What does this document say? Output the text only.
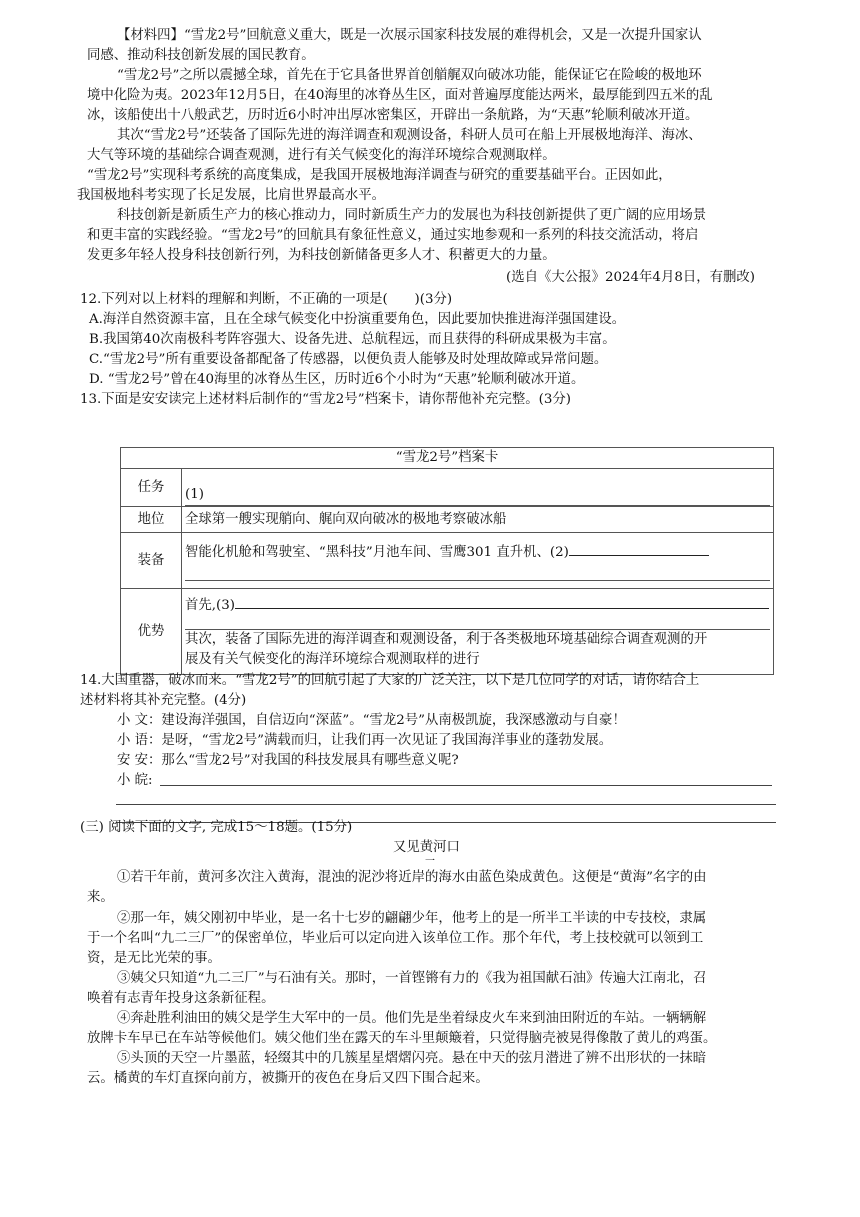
【材料四】“雪龙2号”回航意义重大，既是一次展示国家科技发展的难得机会，又是一次提升国家认
同感、推动科技创新发展的国民教育。
“雪龙2号”之所以震撼全球，首先在于它具备世界首创艏艉双向破冰功能，能保证它在险峻的极地环
境中化险为夷。2023年12月5日，在40海里的冰脊丛生区，面对普遍厚度能达两米，最厚能到四五米的乱
冰，该船使出十八般武艺，历时近6小时冲出厚冰密集区，开辟出一条航路，为“天惠”轮顺利破冰开道。
其次“雪龙2号”还装备了国际先进的海洋调查和观测设备，科研人员可在船上开展极地海洋、海冰、
大气等环境的基础综合调查观测，进行有关气候变化的海洋环境综合观测取样。
“雪龙2号”实现科考系统的高度集成，是我国开展极地海洋调查与研究的重要基础平台。正因如此，
我国极地科考实现了长足发展，比肩世界最高水平。
科技创新是新质生产力的核心推动力，同时新质生产力的发展也为科技创新提供了更广阔的应用场景
和更丰富的实践经验。“雪龙2号”的回航具有象征性意义，通过实地参观和一系列的科技交流活动，将启
发更多年轻人投身科技创新行列，为科技创新储备更多人才、积蓄更大的力量。
(选自《大公报》2024年4月8日，有删改)
12.下列对以上材料的理解和判断，不正确的一项是(　　)(3分)
A.海洋自然资源丰富，且在全球气候变化中扮演重要角色，因此要加快推进海洋强国建设。
B.我国第40次南极科考阵容强大、设备先进、总航程远，而且获得的科研成果极为丰富。
C.“雪龙2号”所有重要设备都配备了传感器，以便负责人能够及时处理故障或异常问题。
D. “雪龙2号”曾在40海里的冰脊丛生区，历时近6个小时为“天惠”轮顺利破冰开道。
13.下面是安安读完上述材料后制作的“雪龙2号”档案卡，请你帮他补充完整。(3分)
“雪龙2号”档案卡	
任务	(1)

地位	全球第一艘实现艄向、艉向双向破冰的极地考察破冰船
装备	智能化机舱和驾驶室、“黑科技”月池车间、雪鹰301 直升机、(2)

优势	首先,(3)
其次，装备了国际先进的海洋调查和观测设备，利于各类极地环境基础综合调查观测的开
展及有关气候变化的海洋环境综合观测取样的进行
14.大国重器，破冰而来。“雪龙2号”的回航引起了大家的广泛关注，以下是几位同学的对话，请你结合上
述材料将其补充完整。(4分)
小 文：建设海洋强国，自信迈向“深蓝”。“雪龙2号”从南极凯旋，我深感激动与自豪！
小 语：是呀，“雪龙2号”满载而归，让我们再一次见证了我国海洋事业的蓬勃发展。
安 安：那么“雪龙2号”对我国的科技发展具有哪些意义呢?
小 皖:
(三) 阅读下面的文字, 完成15～18题。(15分)
又见黄河口
一
①若干年前，黄河多次注入黄海，混浊的泥沙将近岸的海水由蓝色染成黄色。这便是“黄海”名字的由
来。
②那一年，姨父刚初中毕业，是一名十七岁的翩翩少年，他考上的是一所半工半读的中专技校，隶属
于一个名叫“九二三厂”的保密单位，毕业后可以定向进入该单位工作。那个年代，考上技校就可以领到工
资，是无比光荣的事。
③姨父只知道“九二三厂”与石油有关。那时，一首铿锵有力的《我为祖国献石油》传遍大江南北，召
唤着有志青年投身这条新征程。
④奔赴胜利油田的姨父是学生大军中的一员。他们先是坐着绿皮火车来到油田附近的车站。一辆辆解
放牌卡车早已在车站等候他们。姨父他们坐在露天的车斗里颠簸着，只觉得脑壳被晃得像散了黄儿的鸡蛋。
⑤头顶的天空一片墨蓝，轻缀其中的几簇星星熠熠闪亮。悬在中天的弦月潜进了辨不出形状的一抹暗
云。橘黄的车灯直探向前方，被撕开的夜色在身后又四下围合起来。
